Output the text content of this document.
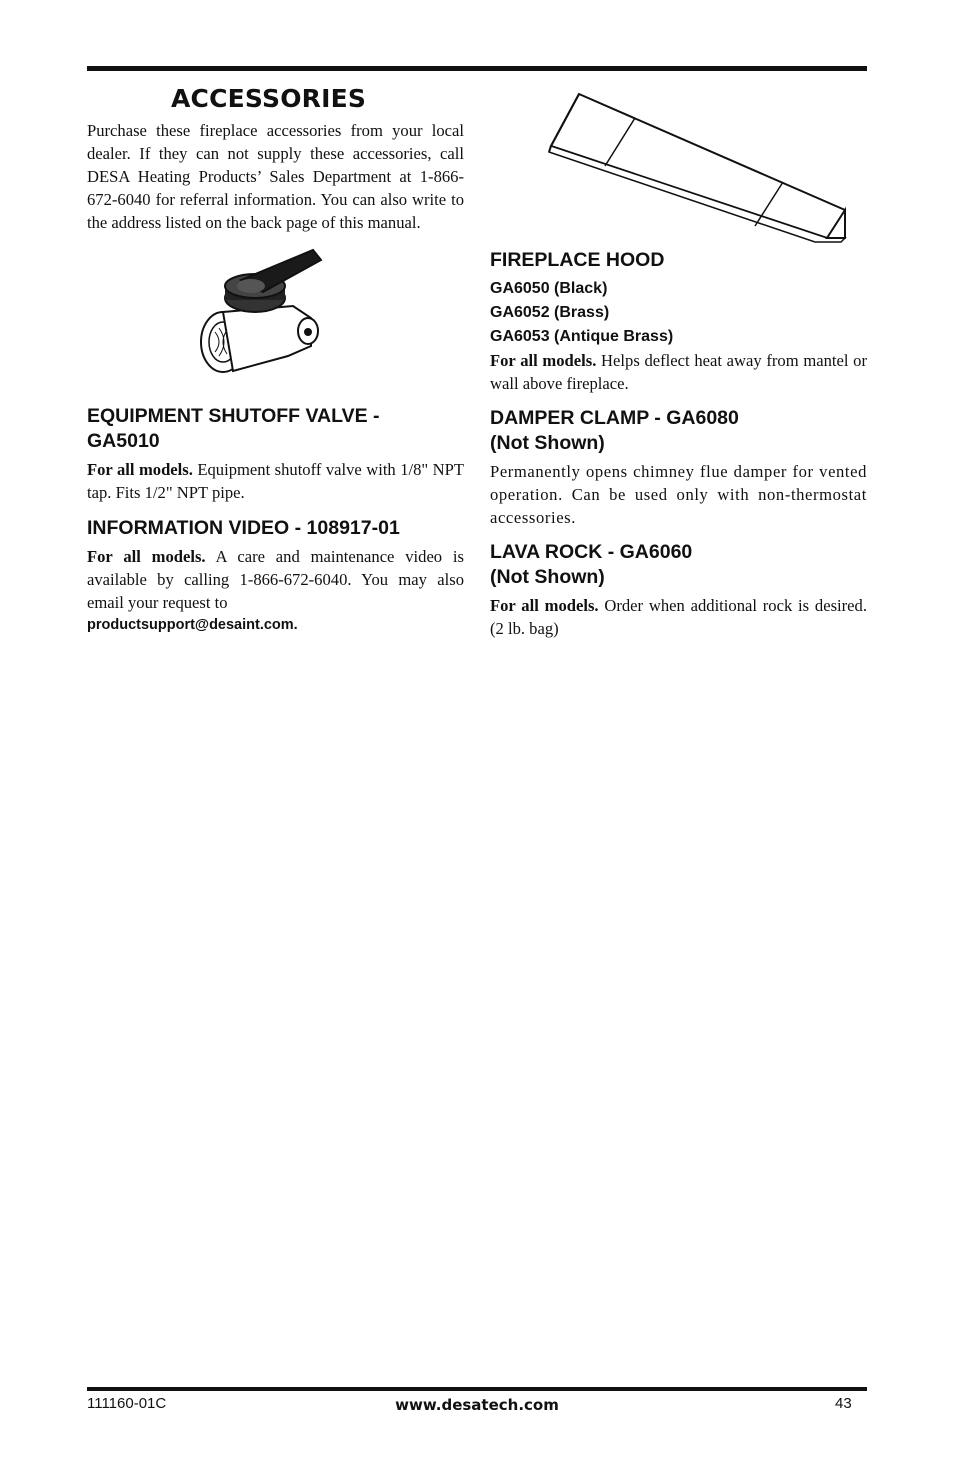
ACCESSORIES

Purchase these fireplace accessories from your local dealer. If they can not supply these accessories, call DESA Heating Products’ Sales Department at 1-866-672-6040 for referral information. You can also write to the address listed on the back page of this manual.

EQUIPMENT SHUTOFF VALVE -
GA5010

For all models. Equipment shutoff valve with 1/8" NPT tap. Fits 1/2" NPT pipe.

INFORMATION VIDEO - 108917-01

For all models. A care and maintenance video is available by calling 1-866-672-6040. You may also email your request to

productsupport@desaint.com.
FIREPLACE HOOD
GA6050 (Black)
GA6052 (Brass)
GA6053 (Antique Brass)

For all models. Helps deflect heat away from mantel or wall above fireplace.

DAMPER CLAMP - GA6080
(Not Shown)

Permanently opens chimney flue damper for vented operation. Can be used only with non-thermostat accessories.

LAVA ROCK - GA6060
(Not Shown)

For all models. Order when additional rock is desired. (2 lb. bag)

111160-01C	www.desatech.com	43
